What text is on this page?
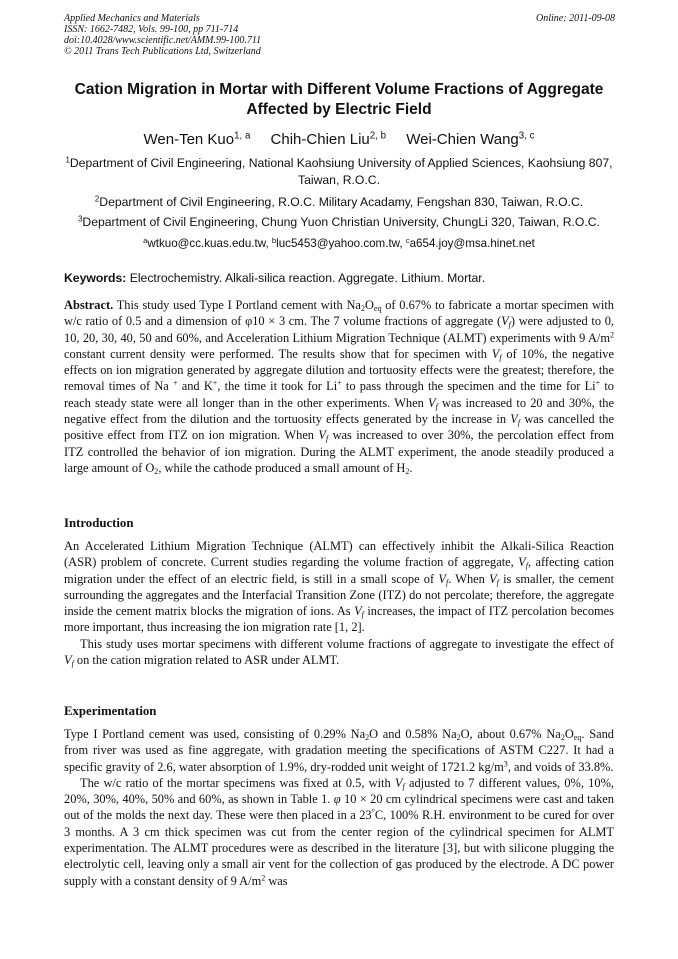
Applied Mechanics and Materials
ISSN: 1662-7482, Vols. 99-100, pp 711-714
doi:10.4028/www.scientific.net/AMM.99-100.711
© 2011 Trans Tech Publications Ltd, Switzerland
Online: 2011-09-08
Cation Migration in Mortar with Different Volume Fractions of Aggregate
Affected by Electric Field
Wen-Ten Kuo$^{1, a}$ Chih-Chien Liu$^{2, b}$ Wei-Chien Wang$^{3, c}$
$^1$Department of Civil Engineering, National Kaohsiung University of Applied Sciences, Kaohsiung 807, Taiwan, R.O.C.
$^2$Department of Civil Engineering, R.O.C. Military Acadamy, Fengshan 830, Taiwan, R.O.C.
$^3$Department of Civil Engineering, Chung Yuon Christian University, ChungLi 320, Taiwan, R.O.C.
$^a$wtkuo@cc.kuas.edu.tw, $^b$luc5453@yahoo.com.tw, $^c$a654.joy@msa.hinet.net
Keywords: Electrochemistry. Alkali-silica reaction. Aggregate. Lithium. Mortar.

Abstract. This study used Type I Portland cement with $Na_2O_{eq}$ of 0.67% to fabricate a mortar specimen with w/c ratio of 0.5 and a dimension of φ10 × 3 cm. The 7 volume fractions of aggregate $(V_f)$ were adjusted to 0, 10, 20, 30, 40, 50 and 60%, and Acceleration Lithium Migration Technique (ALMT) experiments with 9 $A/m^2$ constant current density were performed. The results show that for specimen with $V_f$ of 10%, the negative effects on ion migration generated by aggregate dilution and tortuosity effects were the greatest; therefore, the removal times of Na + and K+, the time it took for Li+ to pass through the specimen and the time for Li+ to reach steady state were all longer than in the other experiments. When $V_f$ was increased to 20 and 30%, the negative effect from the dilution and the tortuosity effects generated by the increase in $V_f$ was cancelled the positive effect from ITZ on ion migration. When $V_f$ was increased to over 30%, the percolation effect from ITZ controlled the behavior of ion migration. During the ALMT experiment, the anode steadily produced a large amount of $O_2$, while the cathode produced a small amount of $H_2$.

Introduction

An Accelerated Lithium Migration Technique (ALMT) can effectively inhibit the Alkali-Silica Reaction (ASR) problem of concrete. Current studies regarding the volume fraction of aggregate, $V_f$, affecting cation migration under the effect of an electric field, is still in a small scope of $V_f$. When $V_f$ is smaller, the cement surrounding the aggregates and the Interfacial Transition Zone (ITZ) do not percolate; therefore, the aggregate inside the cement matrix blocks the migration of ions. As $V_f$ increases, the impact of ITZ percolation becomes more important, thus increasing the ion migration rate [1, 2].

This study uses mortar specimens with different volume fractions of aggregate to investigate the effect of $V_f$ on the cation migration related to ASR under ALMT.

Experimentation

Type I Portland cement was used, consisting of 0.29% $Na_2O$ and 0.58% $Na_2O$, about 0.67% $Na_2O_{eq}$. Sand from river was used as fine aggregate, with gradation meeting the specifications of ASTM C227. It had a specific gravity of 2.6, water absorption of 1.9%, dry-rodded unit weight of 1721.2 $kg/m^3$, and voids of 33.8%.

The w/c ratio of the mortar specimens was fixed at 0.5, with $V_f$ adjusted to 7 different values, 0%, 10%, 20%, 30%, 40%, 50% and 60%, as shown in Table 1. φ 10 × 20 cm cylindrical specimens were cast and taken out of the molds the next day. These were then placed in a 23°C, 100% R.H. environment to be cured for over 3 months. A 3 cm thick specimen was cut from the center region of the cylindrical specimen for ALMT experimentation. The ALMT procedures were as described in the literature [3], but with silicone plugging the electrolytic cell, leaving only a small air vent for the collection of gas produced by the electrode. A DC power supply with a constant density of 9 $A/m^2$ was
